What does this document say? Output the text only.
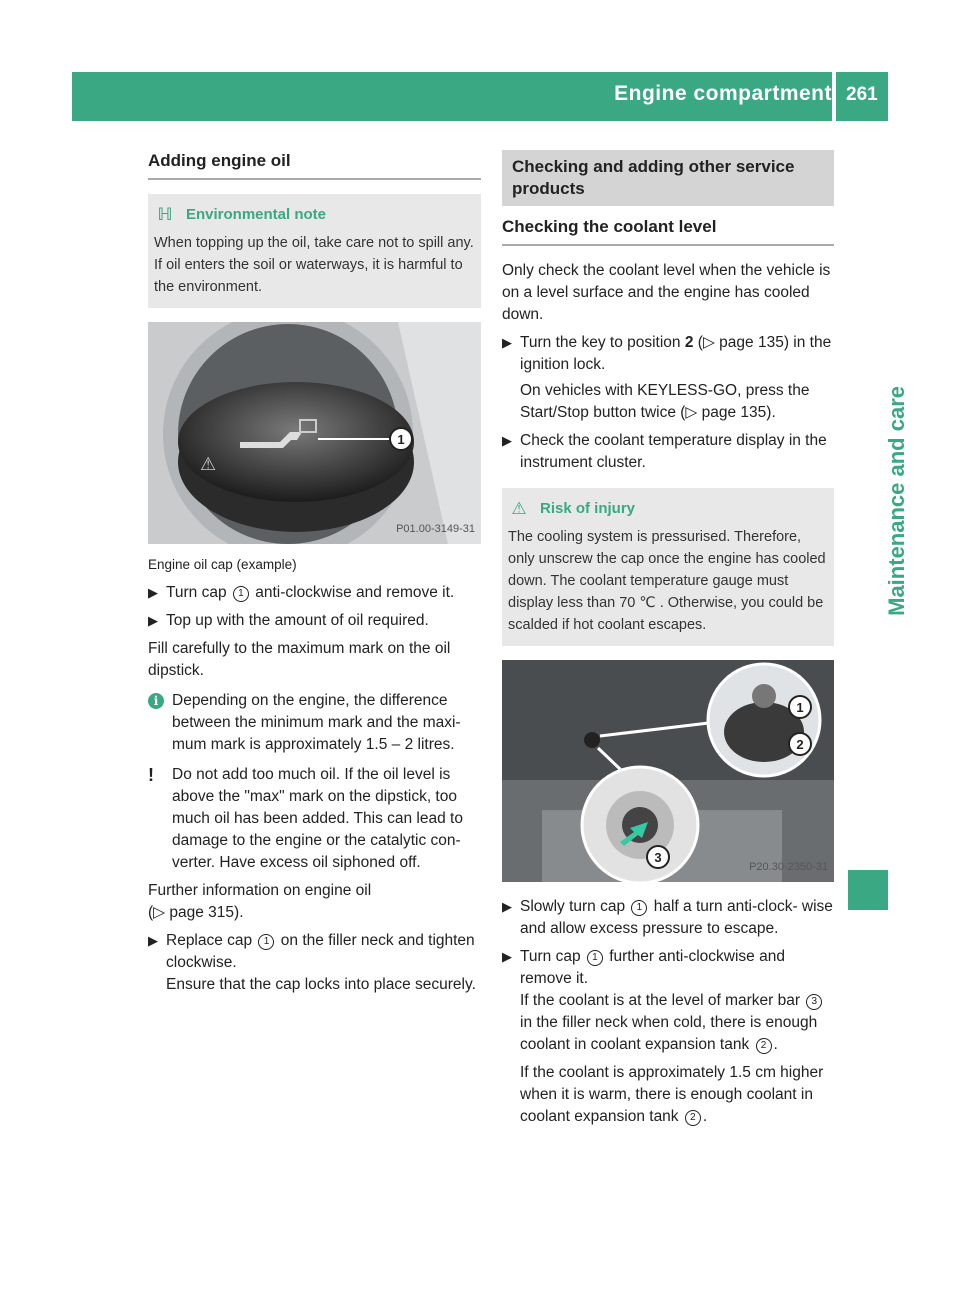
Engine compartment 261
Maintenance and care
Adding engine oil
ℍ Environmental note

When topping up the oil, take care not to spill any. If oil enters the soil or waterways, it is harmful to the environment.

⚠
1
P01.00-3149-31
Engine oil cap (example)
▶ Turn cap 1 anti-clockwise and remove it.
▶ Top up with the amount of oil required.

Fill carefully to the maximum mark on the oil dipstick.

i Depending on the engine, the difference between the minimum mark and the maxi- mum mark is approximately 1.5 – 2 litres.
!	Do not add too much oil. If the oil level is above the "max" mark on the dipstick, too much oil has been added. This can lead to damage to the engine or the catalytic con- verter. Have excess oil siphoned off.

Further information on engine oil
(▷ page 315).

▶ Replace cap 1 on the filler neck and tighten clockwise.
Ensure that the cap locks into place securely.
Checking and adding other service products
Checking the coolant level

Only check the coolant level when the vehicle is on a level surface and the engine has cooled down.

▶ Turn the key to position 2 (▷ page 135) in the ignition lock.
On vehicles with KEYLESS-GO, press the Start/Stop button twice (▷ page 135).
▶ Check the coolant temperature display in the instrument cluster.
⚠ Risk of injury

The cooling system is pressurised. Therefore, only unscrew the cap once the engine has cooled down. The coolant temperature gauge must display less than 70 ℃ . Otherwise, you could be scalded if hot coolant escapes.

1
2
3
P20.30-2350-31
▶ Slowly turn cap 1 half a turn anti-clock- wise and allow excess pressure to escape.
▶ Turn cap 1 further anti-clockwise and remove it.
If the coolant is at the level of marker bar 3 in the filler neck when cold, there is enough coolant in coolant expansion tank 2 .
If the coolant is approximately 1.5 cm higher when it is warm, there is enough coolant in coolant expansion tank 2 .
